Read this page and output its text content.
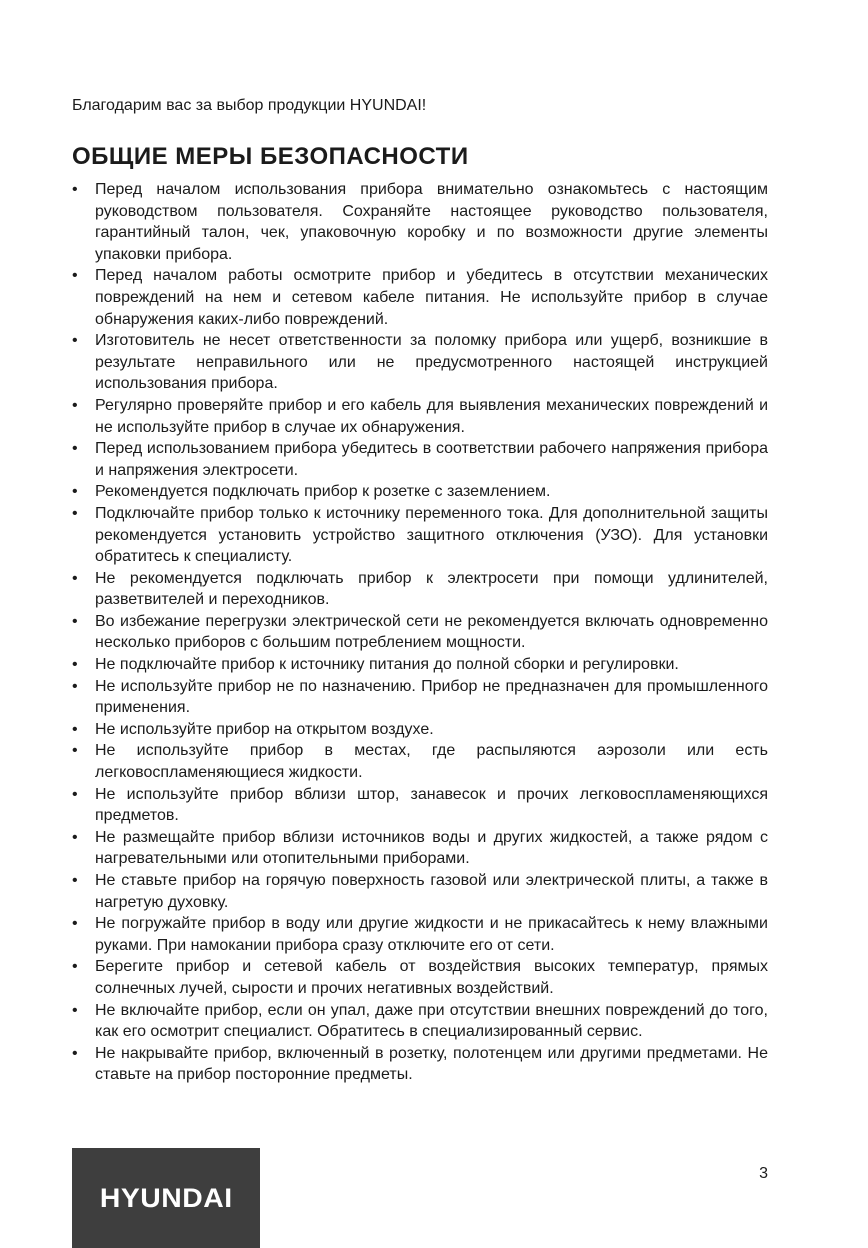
Благодарим вас за выбор продукции HYUNDAI!

ОБЩИЕ МЕРЫ БЕЗОПАСНОСТИ
• Перед началом использования прибора внимательно ознакомьтесь с настоящим руководством пользователя. Сохраняйте настоящее руководство пользователя, гарантийный талон, чек, упаковочную коробку и по возможности другие элементы упаковки прибора.
• Перед началом работы осмотрите прибор и убедитесь в отсутствии механических повреждений на нем и сетевом кабеле питания. Не используйте прибор в случае обнаружения каких-либо повреждений.
• Изготовитель не несет ответственности за поломку прибора или ущерб, возникшие в результате неправильного или не предусмотренного настоящей инструкцией использования прибора.
• Регулярно проверяйте прибор и его кабель для выявления механических повреждений и не используйте прибор в случае их обнаружения.
• Перед использованием прибора убедитесь в соответствии рабочего напряжения прибора и напряжения электросети.
• Рекомендуется подключать прибор к розетке с заземлением.
• Подключайте прибор только к источнику переменного тока. Для дополнительной защиты рекомендуется установить устройство защитного отключения (УЗО). Для установки обратитесь к специалисту.
• Не рекомендуется подключать прибор к электросети при помощи удлинителей, разветвителей и переходников.
• Во избежание перегрузки электрической сети не рекомендуется включать одновременно несколько приборов с большим потреблением мощности.
• Не подключайте прибор к источнику питания до полной сборки и регулировки.
• Не используйте прибор не по назначению. Прибор не предназначен для промышленного применения.
• Не используйте прибор на открытом воздухе.
• Не используйте прибор в местах, где распыляются аэрозоли или есть легковоспламеняющиеся жидкости.
• Не используйте прибор вблизи штор, занавесок и прочих легковоспламеняющихся предметов.
• Не размещайте прибор вблизи источников воды и других жидкостей, а также рядом с нагревательными или отопительными приборами.
• Не ставьте прибор на горячую поверхность газовой или электрической плиты, а также в нагретую духовку.
• Не погружайте прибор в воду или другие жидкости и не прикасайтесь к нему влажными руками. При намокании прибора сразу отключите его от сети.
• Берегите прибор и сетевой кабель от воздействия высоких температур, прямых солнечных лучей, сырости и прочих негативных воздействий.
• Не включайте прибор, если он упал, даже при отсутствии внешних повреждений до того, как его осмотрит специалист. Обратитесь в специализированный сервис.
• Не накрывайте прибор, включенный в розетку, полотенцем или другими предметами. Не ставьте на прибор посторонние предметы.
HYUNDAI
3
